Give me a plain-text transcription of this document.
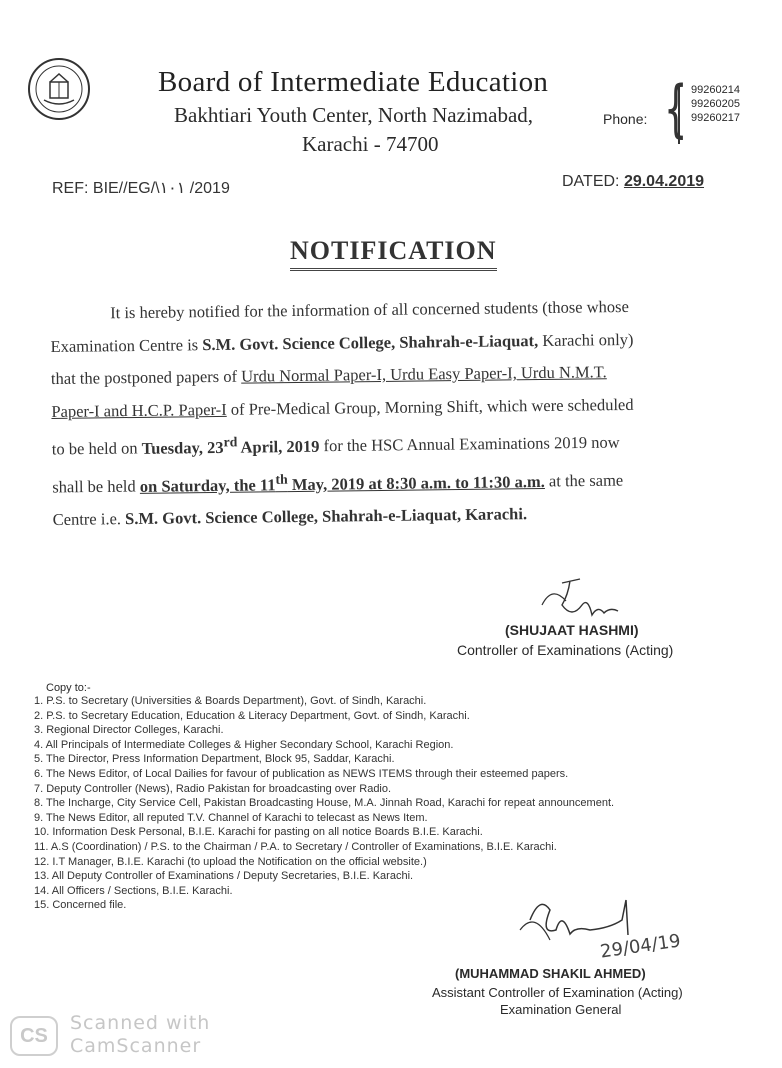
Board of Intermediate Education
Bakhtiari Youth Center, North Nazimabad,
Karachi - 74700
Phone: { 99260214
99260205
99260217
REF: BIE//EG/\١٠١ /2019	DATED: 29.04.2019
NOTIFICATION
It is hereby notified for the information of all concerned students (those whose
Examination Centre is S.M. Govt. Science College, Shahrah-e-Liaquat, Karachi only)
that the postponed papers of Urdu Normal Paper-I, Urdu Easy Paper-I, Urdu N.M.T.
Paper-I and H.C.P. Paper-I of Pre-Medical Group, Morning Shift, which were scheduled
to be held on Tuesday, 23rd April, 2019 for the HSC Annual Examinations 2019 now
shall be held on Saturday, the 11th May, 2019 at 8:30 a.m. to 11:30 a.m. at the same
Centre i.e. S.M. Govt. Science College, Shahrah-e-Liaquat, Karachi.
(SHUJAAT HASHMI)
Controller of Examinations (Acting)
Copy to:-
1. P.S. to Secretary (Universities & Boards Department), Govt. of Sindh, Karachi.
2. P.S. to Secretary Education, Education & Literacy Department, Govt. of Sindh, Karachi.
3. Regional Director Colleges, Karachi.
4. All Principals of Intermediate Colleges & Higher Secondary School, Karachi Region.
5. The Director, Press Information Department, Block 95, Saddar, Karachi.
6. The News Editor, of Local Dailies for favour of publication as NEWS ITEMS through their esteemed papers.
7. Deputy Controller (News), Radio Pakistan for broadcasting over Radio.
8. The Incharge, City Service Cell, Pakistan Broadcasting House, M.A. Jinnah Road, Karachi for repeat announcement.
9. The News Editor, all reputed T.V. Channel of Karachi to telecast as News Item.
10. Information Desk Personal, B.I.E. Karachi for pasting on all notice Boards B.I.E. Karachi.
11. A.S (Coordination) / P.S. to the Chairman / P.A. to Secretary / Controller of Examinations, B.I.E. Karachi.
12. I.T Manager, B.I.E. Karachi (to upload the Notification on the official website.)
13. All Deputy Controller of Examinations / Deputy Secretaries, B.I.E. Karachi.
14. All Officers / Sections, B.I.E. Karachi.
15. Concerned file.
29/04/19
(MUHAMMAD SHAKIL AHMED)
Assistant Controller of Examination (Acting)
Examination General
CS
Scanned with
CamScanner
